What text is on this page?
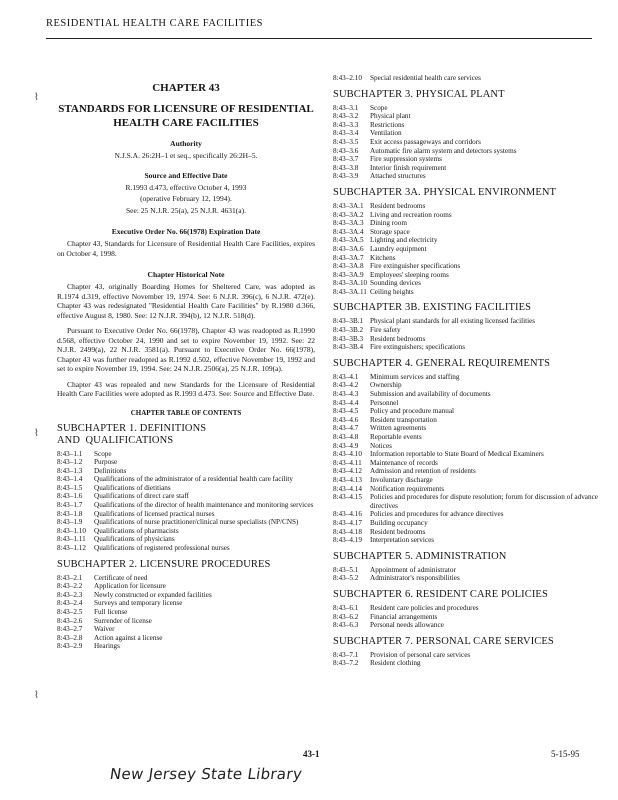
RESIDENTIAL HEALTH CARE FACILITIES
⌇
⌇
⌇
CHAPTER 43
STANDARDS FOR LICENSURE OF RESIDENTIAL
HEALTH CARE FACILITIES
Authority
N.J.S.A. 26:2H–1 et seq., specifically 26:2H–5.
Source and Effective Date
R.1993 d.473, effective October 4, 1993
(operative February 12, 1994).
See: 25 N.J.R. 25(a), 25 N.J.R. 4631(a).
Executive Order No. 66(1978) Expiration Date
Chapter 43, Standards for Licensure of Residential Health Care Facilities, expires on October 4, 1998.
Chapter Historical Note
Chapter 43, originally Boarding Homes for Sheltered Care, was adopted as R.1974 d.319, effective November 19, 1974. See: 6 N.J.R. 396(c), 6 N.J.R. 472(e). Chapter 43 was redesignated "Residential Health Care Facilities" by R.1980 d.366, effective August 8, 1980. See: 12 N.J.R. 394(b), 12 N.J.R. 518(d).
Pursuant to Executive Order No. 66(1978), Chapter 43 was readopted as R.1990 d.568, effective October 24, 1990 and set to expire November 19, 1992. See: 22 N.J.R. 2499(a), 22 N.J.R. 3581(a). Pursuant to Executive Order No. 66(1978), Chapter 43 was further readopted as R.1992 d.502, effective November 19, 1992 and set to expire November 19, 1994. See: 24 N.J.R. 2506(a), 25 N.J.R. 109(a).
Chapter 43 was repealed and new Standards for the Licensure of Residential Health Care Facilities were adopted as R.1993 d.473. See: Source and Effective Date.
CHAPTER TABLE OF CONTENTS
SUBCHAPTER 1. DEFINITIONS AND  QUALIFICATIONS
8:43–1.1	Scope
8:43–1.2	Purpose
8:43–1.3	Definitions
8:43–1.4	Qualifications of the administrator of a residential health care facility
8:43–1.5	Qualifications of dietitians
8:43–1.6	Qualifications of direct care staff
8:43–1.7	Qualifications of the director of health maintenance and monitoring services
8:43–1.8	Qualifications of licensed practical nurses
8:43–1.9	Qualifications of nurse practitioner/clinical nurse specialists (NP/CNS)
8:43–1.10	Qualifications of pharmacists
8:43–1.11	Qualifications of physicians
8:43–1.12	Qualifications of registered professional nurses
SUBCHAPTER 2. LICENSURE PROCEDURES
8:43–2.1	Certificate of need
8:43–2.2	Application for licensure
8:43–2.3	Newly constructed or expanded facilities
8:43–2.4	Surveys and temporary license
8:43–2.5	Full license
8:43–2.6	Surrender of license
8:43–2.7	Waiver
8:43–2.8	Action against a license
8:43–2.9	Hearings
8:43–2.10	Special residential health care services
SUBCHAPTER 3. PHYSICAL PLANT
8:43–3.1	Scope
8:43–3.2	Physical plant
8:43–3.3	Restrictions
8:43–3.4	Ventilation
8:43–3.5	Exit access passageways and corridors
8:43–3.6	Automatic fire alarm system and detectors systems
8:43–3.7	Fire suppression systems
8:43–3.8	Interior finish requirement
8:43–3.9	Attached structures
SUBCHAPTER 3A. PHYSICAL ENVIRONMENT
8:43–3A.1 Resident bedrooms
8:43–3A.2 Living and recreation rooms
8:43–3A.3 Dining room
8:43–3A.4 Storage space
8:43–3A.5 Lighting and electricity
8:43–3A.6 Laundry equipment
8:43–3A.7 Kitchens
8:43–3A.8 Fire extinguisher specifications
8:43–3A.9 Employees' sleeping rooms
8:43–3A.10 Sounding devices
8:43–3A.11 Ceiling heights
SUBCHAPTER 3B. EXISTING FACILITIES
8:43–3B.1 Physical plant standards for all existing licensed facilities
8:43–3B.2 Fire safety
8:43–3B.3 Resident bedrooms
8:43–3B.4 Fire extinguishers; specifications
SUBCHAPTER 4. GENERAL REQUIREMENTS
8:43–4.1	Minimum services and staffing
8:43–4.2	Ownership
8:43–4.3	Submission and availability of documents
8:43–4.4	Personnel
8:43–4.5	Policy and procedure manual
8:43–4.6	Resident transportation
8:43–4.7	Written agreements
8:43–4.8	Reportable events
8:43–4.9	Notices
8:43–4.10	Information reportable to State Board of Medical Examiners
8:43–4.11	Maintenance of records
8:43–4.12	Admission and retention of residents
8:43–4.13	Involuntary discharge
8:43–4.14	Notification requirements
8:43–4.15	Policies and procedures for dispute resolution; forum for discussion of advance directives
8:43–4.16	Policies and procedures for advance directives
8:43–4.17	Building occupancy
8:43–4.18	Resident bedrooms
8:43–4.19	Interpretation services
SUBCHAPTER 5. ADMINISTRATION
8:43–5.1	Appointment of administrator
8:43–5.2	Administrator's responsibilities
SUBCHAPTER 6. RESIDENT CARE POLICIES
8:43–6.1	Resident care policies and procedures
8:43–6.2	Financial arrangements
8:43–6.3	Personal needs allowance
SUBCHAPTER 7. PERSONAL CARE SERVICES
8:43–7.1	Provision of personal care services
8:43–7.2	Resident clothing
43-1	5-15-95
New Jersey State Library
